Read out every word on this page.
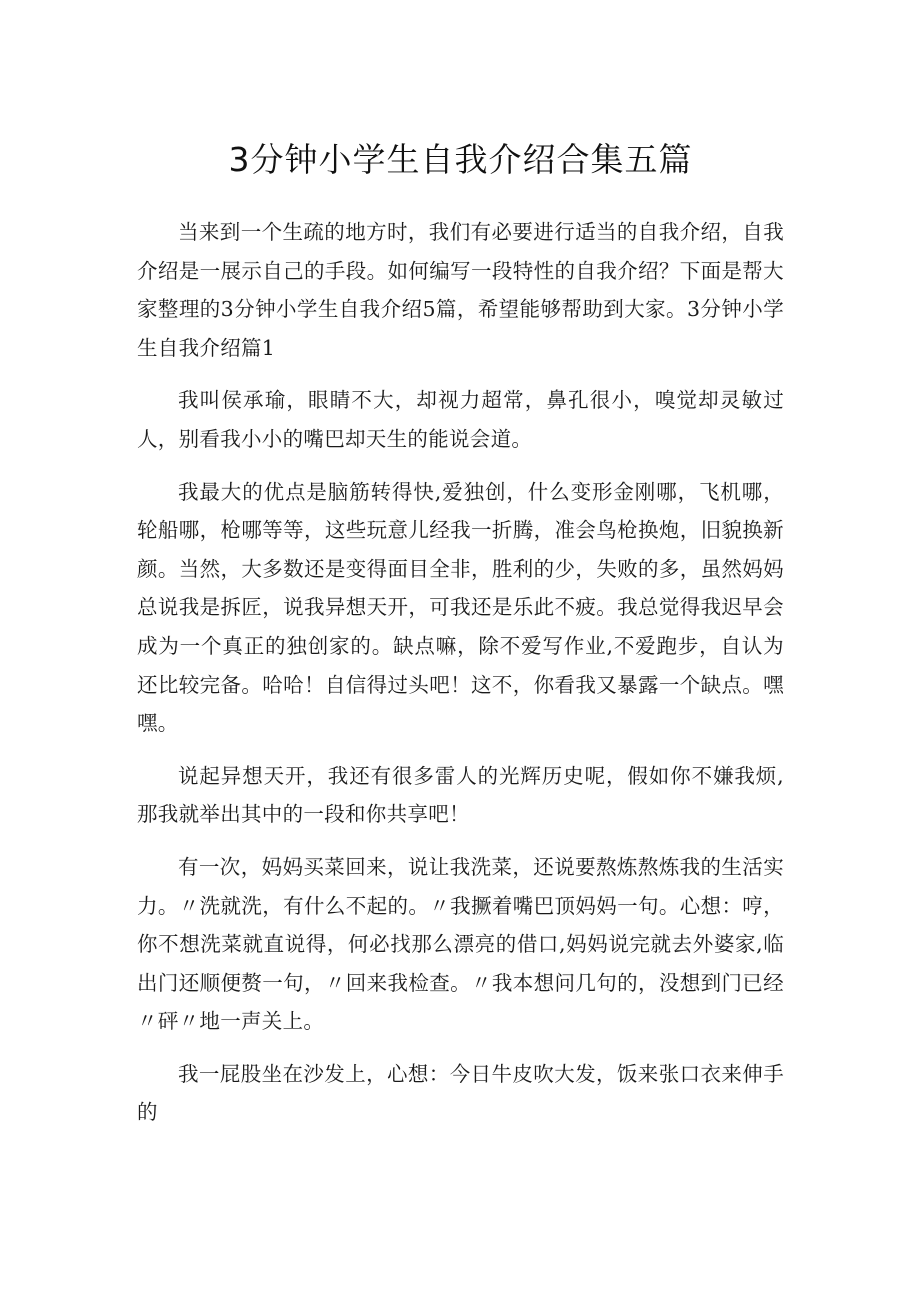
3分钟小学生自我介绍合集五篇

当来到一个生疏的地方时，我们有必要进行适当的自我介绍，自我介绍是一展示自己的手段。如何编写一段特性的自我介绍？下面是帮大家整理的3分钟小学生自我介绍5篇，希望能够帮助到大家。3分钟小学生自我介绍篇1

我叫侯承瑜，眼睛不大，却视力超常，鼻孔很小，嗅觉却灵敏过人，别看我小小的嘴巴却天生的能说会道。

我最大的优点是脑筋转得快,爱独创，什么变形金刚哪，飞机哪，轮船哪，枪哪等等，这些玩意儿经我一折腾，准会鸟枪换炮，旧貌换新颜。当然，大多数还是变得面目全非，胜利的少，失败的多，虽然妈妈总说我是拆匠，说我异想天开，可我还是乐此不疲。我总觉得我迟早会成为一个真正的独创家的。缺点嘛，除不爱写作业,不爱跑步，自认为还比较完备。哈哈！自信得过头吧！这不，你看我又暴露一个缺点。嘿嘿。

说起异想天开，我还有很多雷人的光辉历史呢，假如你不嫌我烦,那我就举出其中的一段和你共享吧！

有一次，妈妈买菜回来，说让我洗菜，还说要熬炼熬炼我的生活实力。〃洗就洗，有什么不起的。〃我撅着嘴巴顶妈妈一句。心想：哼，你不想洗菜就直说得，何必找那么漂亮的借口,妈妈说完就去外婆家,临出门还顺便赘一句，〃回来我检查。〃我本想问几句的，没想到门已经〃砰〃地一声关上。

我一屁股坐在沙发上，心想：今日牛皮吹大发，饭来张口衣来伸手的
